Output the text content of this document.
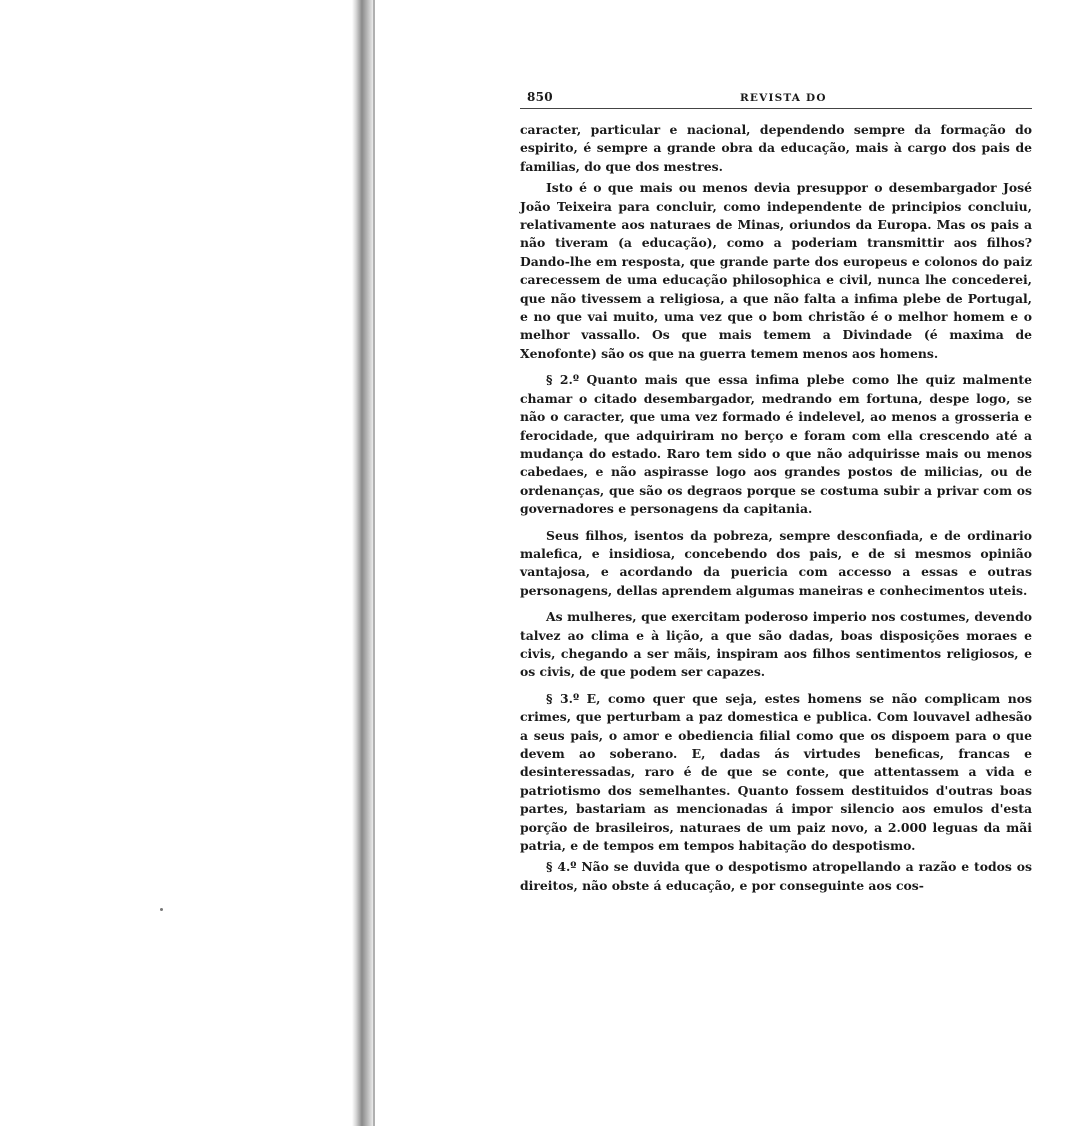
850	REVISTA DO

caracter, particular e nacional, dependendo sempre da formação do espirito, é sempre a grande obra da educação, mais à cargo dos pais de familias, do que dos mestres.

Isto é o que mais ou menos devia presuppor o desembargador José João Teixeira para concluir, como independente de principios concluiu, relativamente aos naturaes de Minas, oriundos da Europa. Mas os pais a não tiveram (a educação), como a poderiam transmittir aos filhos? Dando-lhe em resposta, que grande parte dos europeus e colonos do paiz carecessem de uma educação philosophica e civil, nunca lhe concederei, que não tivessem a religiosa, a que não falta a infima plebe de Portugal, e no que vai muito, uma vez que o bom christão é o melhor homem e o melhor vassallo. Os que mais temem a Divindade (é maxima de Xenofonte) são os que na guerra temem menos aos homens.

§ 2.º Quanto mais que essa infima plebe como lhe quiz malmente chamar o citado desembargador, medrando em fortuna, despe logo, se não o caracter, que uma vez formado é indelevel, ao menos a grosseria e ferocidade, que adquiriram no berço e foram com ella crescendo até a mudança do estado. Raro tem sido o que não adquirisse mais ou menos cabedaes, e não aspirasse logo aos grandes postos de milicias, ou de ordenanças, que são os degraos porque se costuma subir a privar com os governadores e personagens da capitania.

Seus filhos, isentos da pobreza, sempre desconfiada, e de ordinario malefica, e insidiosa, concebendo dos pais, e de si mesmos opinião vantajosa, e acordando da puericia com accesso a essas e outras personagens, dellas aprendem algumas maneiras e conhecimentos uteis.

As mulheres, que exercitam poderoso imperio nos costumes, devendo talvez ao clima e à lição, a que são dadas, boas disposições moraes e civis, chegando a ser mãis, inspiram aos filhos sentimentos religiosos, e os civis, de que podem ser capazes.

§ 3.º E, como quer que seja, estes homens se não complicam nos crimes, que perturbam a paz domestica e publica. Com louvavel adhesão a seus pais, o amor e obediencia filial como que os dispoem para o que devem ao soberano. E, dadas ás virtudes beneficas, francas e desinteressadas, raro é de que se conte, que attentassem a vida e patriotismo dos semelhantes. Quanto fossem destituidos d'outras boas partes, bastariam as mencionadas á impor silencio aos emulos d'esta porção de brasileiros, naturaes de um paiz novo, a 2.000 leguas da mãi patria, e de tempos em tempos habitação do despotismo.

§ 4.º Não se duvida que o despotismo atropellando a razão e todos os direitos, não obste á educação, e por conseguinte aos cos-
